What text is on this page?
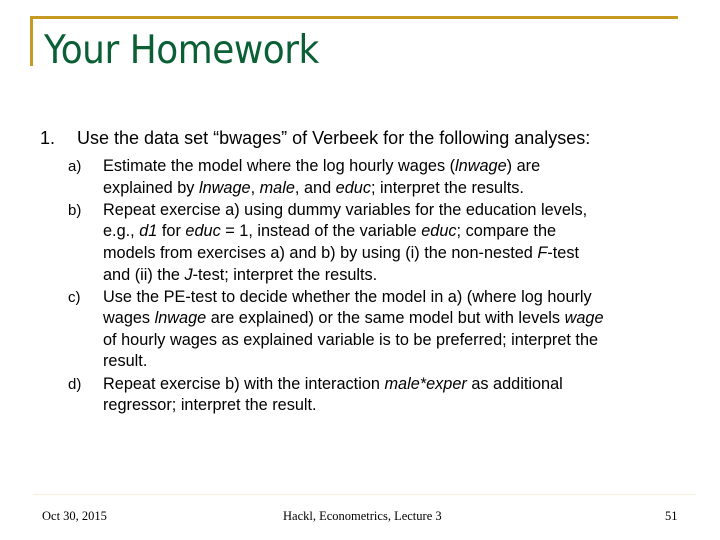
Your Homework
1. Use the data set “bwages” of Verbeek for the following analyses:
a) Estimate the model where the log hourly wages (lnwage) are
explained by lnwage, male, and educ; interpret the results.
b) Repeat exercise a) using dummy variables for the education levels,
e.g., d1 for educ = 1, instead of the variable educ; compare the
models from exercises a) and b) by using (i) the non-nested F-test
and (ii) the J-test; interpret the results.
c) Use the PE-test to decide whether the model in a) (where log hourly
wages lnwage are explained) or the same model but with levels wage
of hourly wages as explained variable is to be preferred; interpret the
result.
d) Repeat exercise b) with the interaction male*exper as additional
regressor; interpret the result.
Oct 30, 2015	Hackl, Econometrics, Lecture 3	51
